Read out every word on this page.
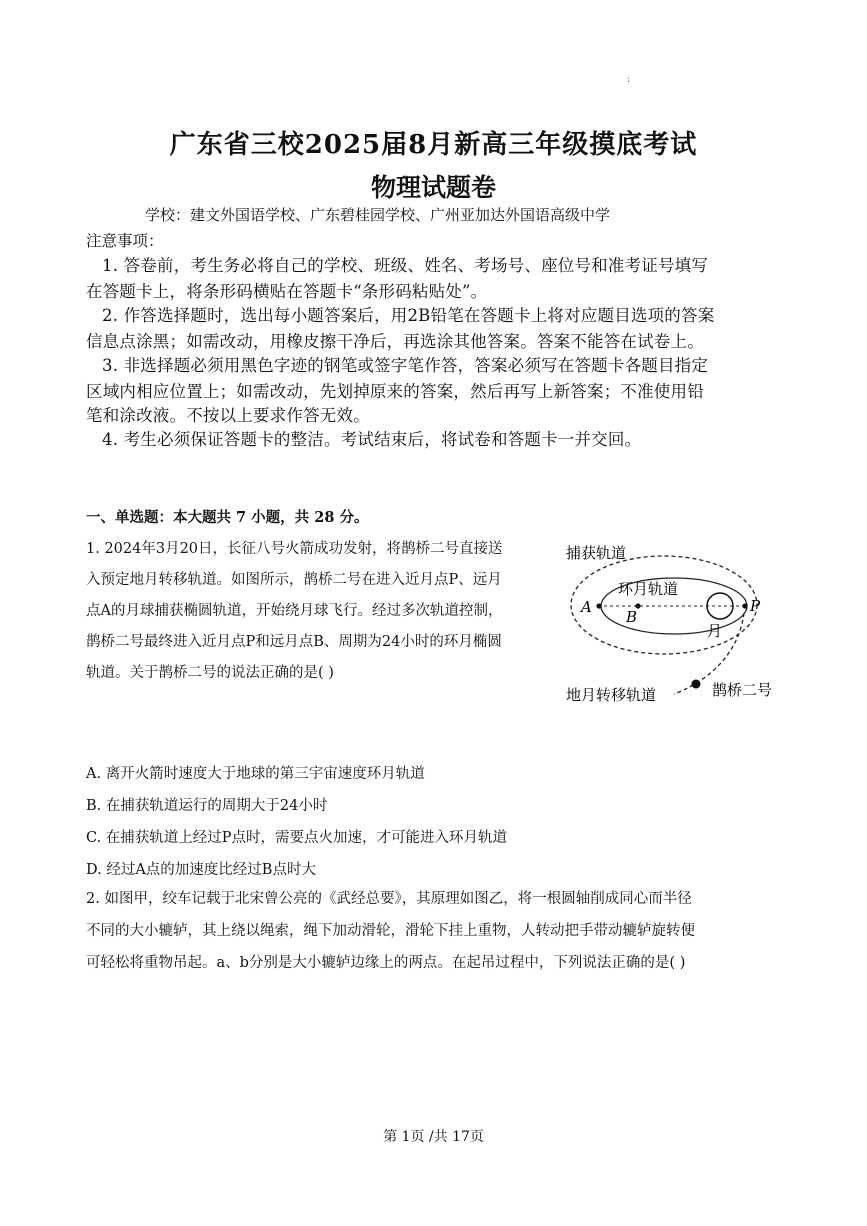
:
广东省三校2025届8月新高三年级摸底考试
物理试题卷
学校：建文外国语学校、广东碧桂园学校、广州亚加达外国语高级中学
注意事项：
1. 答卷前，考生务必将自己的学校、班级、姓名、考场号、座位号和准考证号填写
在答题卡上，将条形码横贴在答题卡“条形码粘贴处”。
2. 作答选择题时，选出每小题答案后，用2B铅笔在答题卡上将对应题目选项的答案
信息点涂黑；如需改动，用橡皮擦干净后，再选涂其他答案。答案不能答在试卷上。
3. 非选择题必须用黑色字迹的钢笔或签字笔作答，答案必须写在答题卡各题目指定
区域内相应位置上；如需改动，先划掉原来的答案，然后再写上新答案；不准使用铅
笔和涂改液。不按以上要求作答无效。
4. 考生必须保证答题卡的整洁。考试结束后，将试卷和答题卡一并交回。
一、单选题：本大题共 7 小题，共 28 分。
1. 2024年3月20日，长征八号火箭成功发射，将鹊桥二号直接送
入预定地月转移轨道。如图所示，鹊桥二号在进入近月点P、远月
点A的月球捕获椭圆轨道，开始绕月球飞行。经过多次轨道控制，
鹊桥二号最终进入近月点P和远月点B、周期为24小时的环月椭圆
轨道。关于鹊桥二号的说法正确的是( )
捕获轨道
环月轨道
A
B
P
月
地月转移轨道	鹊桥二号
A. 离开火箭时速度大于地球的第三宇宙速度环月轨道
B. 在捕获轨道运行的周期大于24小时
C. 在捕获轨道上经过P点时，需要点火加速，才可能进入环月轨道
D. 经过A点的加速度比经过B点时大
2. 如图甲，绞车记载于北宋曾公亮的《武经总要》，其原理如图乙，将一根圆轴削成同心而半径
不同的大小辘轳，其上绕以绳索，绳下加动滑轮，滑轮下挂上重物，人转动把手带动辘轳旋转便
可轻松将重物吊起。a、b分别是大小辘轳边缘上的两点。在起吊过程中，下列说法正确的是( )
第 1页 /共 17页
